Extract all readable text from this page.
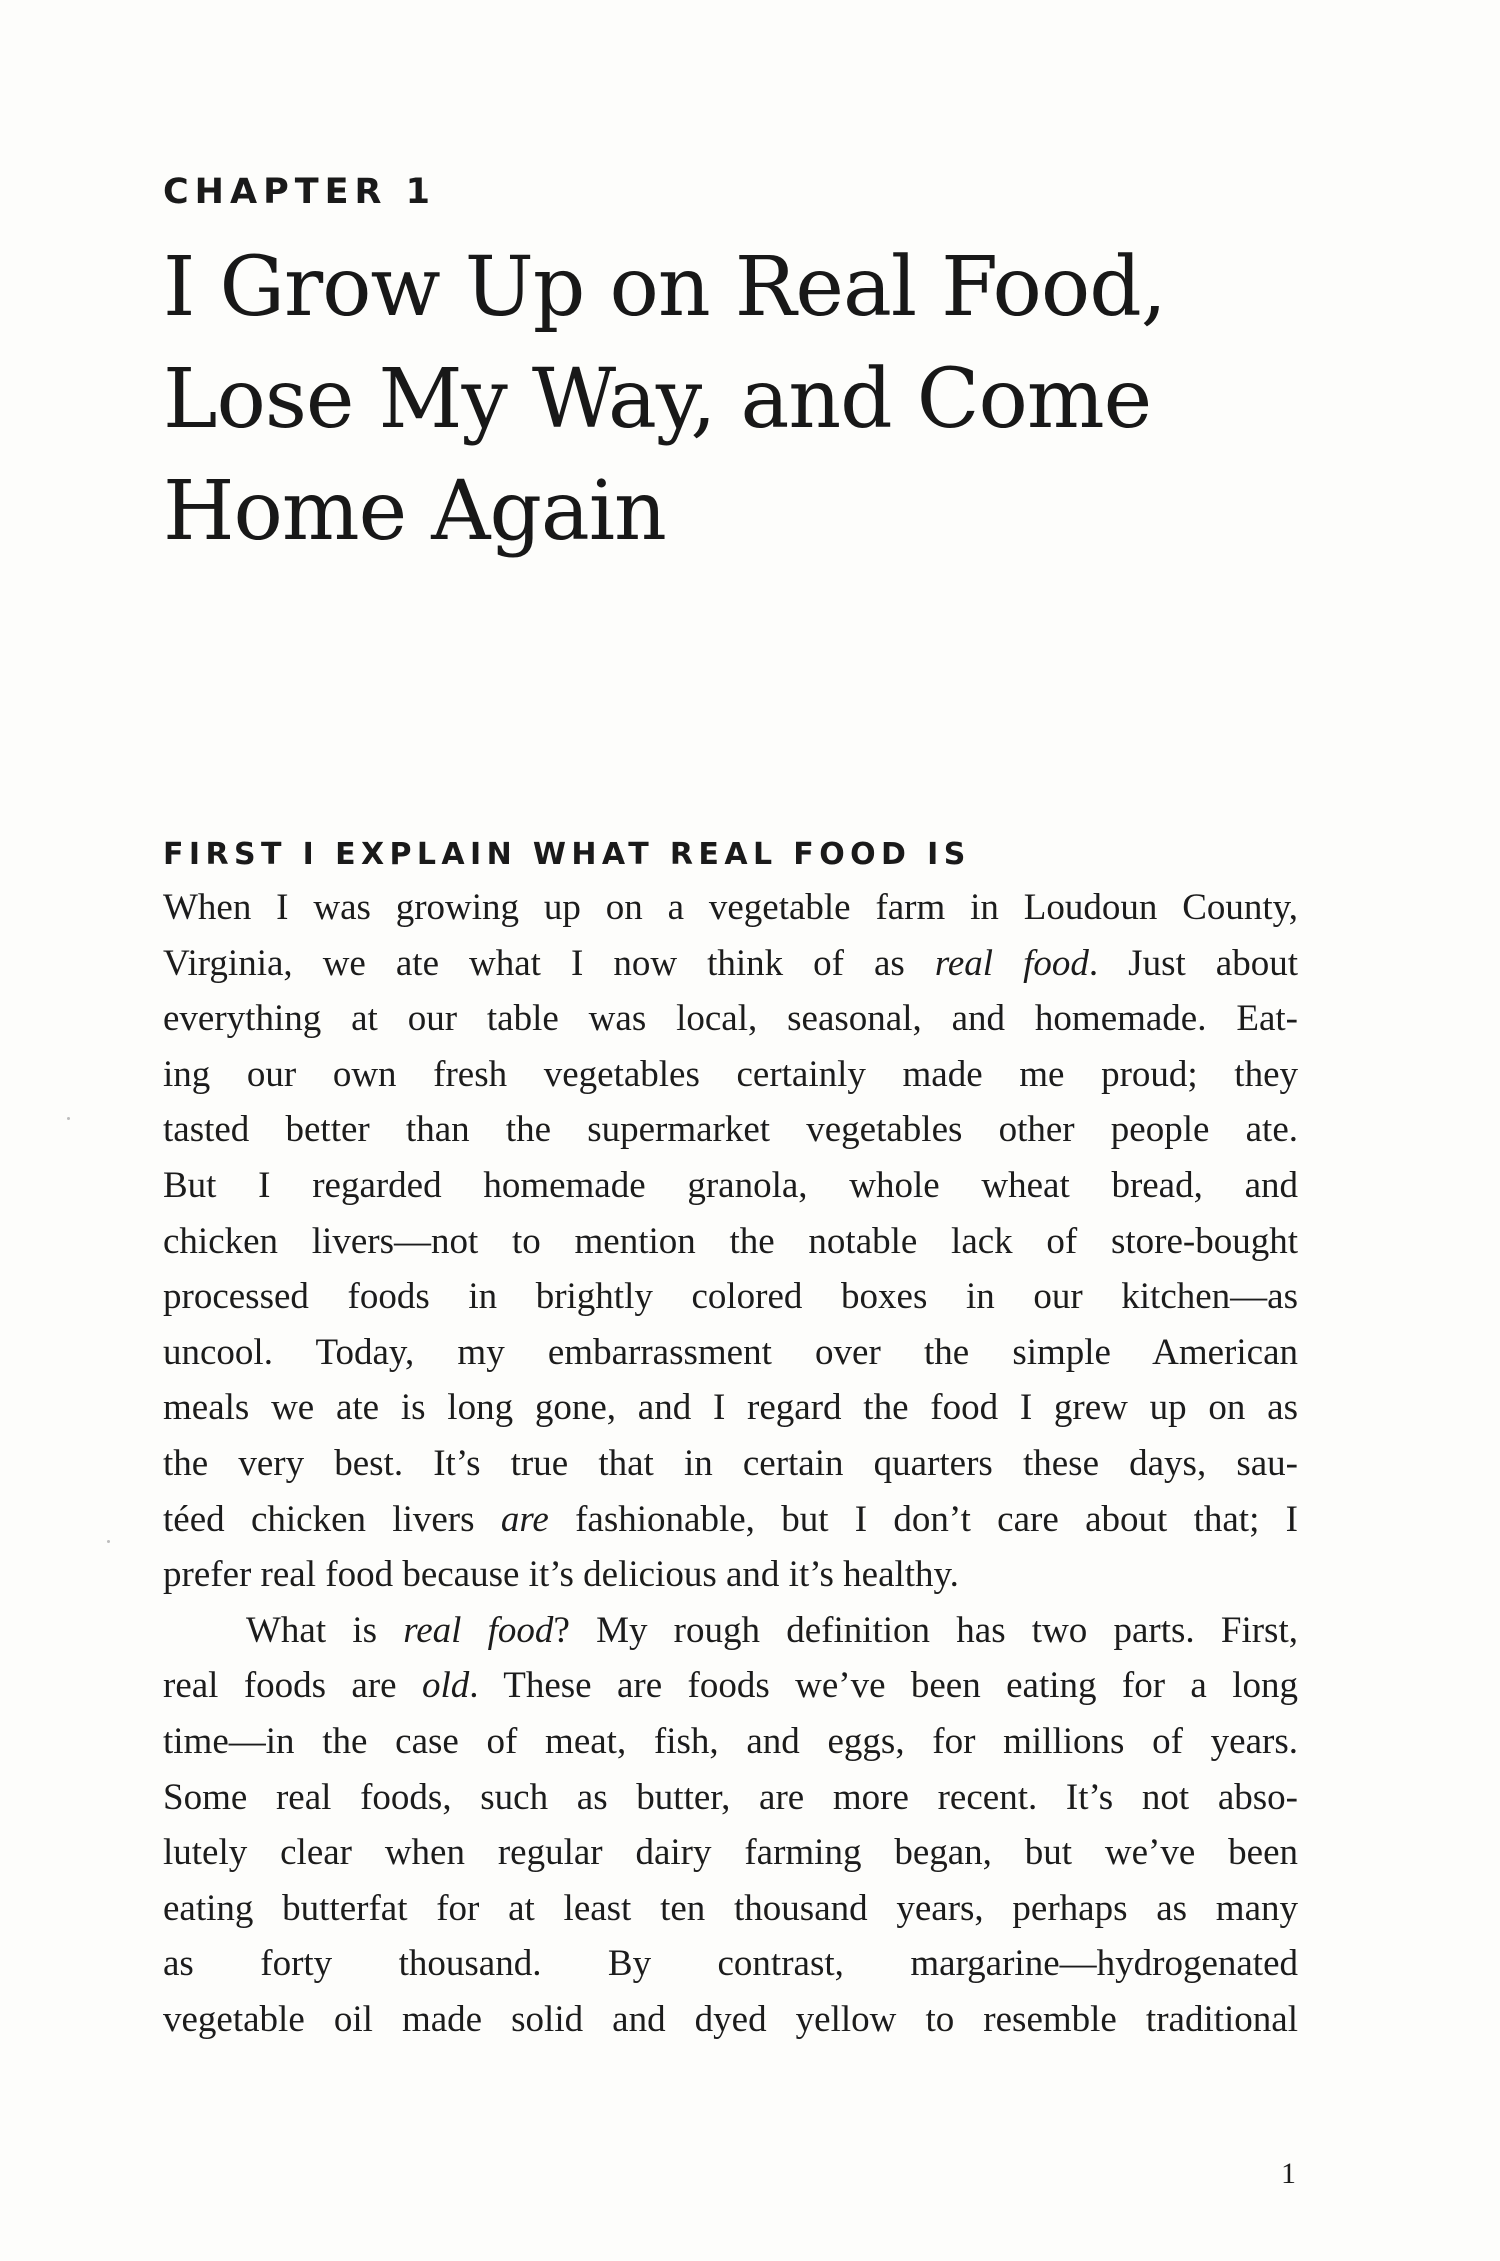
CHAPTER 1
I Grow Up on Real Food,
Lose My Way, and Come
Home Again
FIRST I EXPLAIN WHAT REAL FOOD IS
When I was growing up on a vegetable farm in Loudoun County,
Virginia, we ate what I now think of as real food. Just about
everything at our table was local, seasonal, and homemade. Eat-
ing our own fresh vegetables certainly made me proud; they
tasted better than the supermarket vegetables other people ate.
But I regarded homemade granola, whole wheat bread, and
chicken livers—not to mention the notable lack of store-bought
processed foods in brightly colored boxes in our kitchen—as
uncool. Today, my embarrassment over the simple American
meals we ate is long gone, and I regard the food I grew up on as
the very best. It’s true that in certain quarters these days, sau-
téed chicken livers are fashionable, but I don’t care about that; I
prefer real food because it’s delicious and it’s healthy.
What is real food? My rough definition has two parts. First,
real foods are old. These are foods we’ve been eating for a long
time—in the case of meat, fish, and eggs, for millions of years.
Some real foods, such as butter, are more recent. It’s not abso-
lutely clear when regular dairy farming began, but we’ve been
eating butterfat for at least ten thousand years, perhaps as many
as forty thousand. By contrast, margarine—hydrogenated
vegetable oil made solid and dyed yellow to resemble traditional
1
